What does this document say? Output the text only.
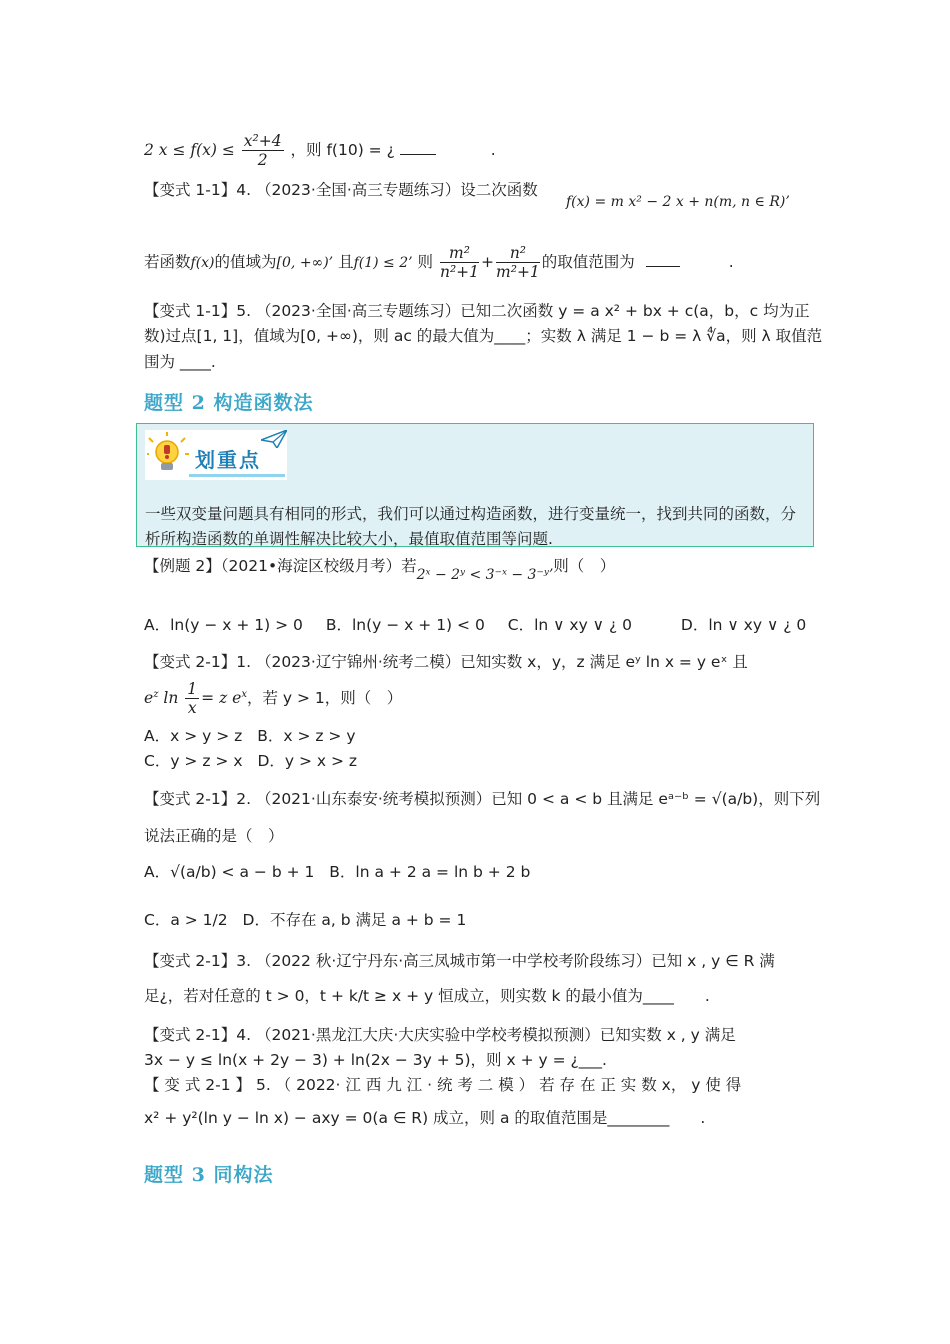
2 $x \le f(x) \le \frac{\text{x²+4}}{2}$ ，则 f(10) = ¿	.
【变式 1-1】4. （2023·全国·高三专题练习）设二次函数
f(x) = m x² − 2 x + n(m, n ∈ R)’
若函数f(x)的值域为[0, +∞)’ 且f(1) ≤ 2’ 则 $\frac{\text{m²}}{\text{n²+1}} + \frac{\text{n²}}{\text{m²+1}}$ 的取值范围为	.
【变式 1-1】5. （2023·全国·高三专题练习）已知二次函数 y = a x² + bx + c(a，b，c 均为正
数)过点[1, 1]，值域为[0, +∞)，则 ac 的最大值为____；实数 λ 满足 1 − b = λ ∜a，则 λ 取值范
围为 ____.
题型 2 构造函数法
划重点
一些双变量问题具有相同的形式，我们可以通过构造函数，进行变量统一，找到共同的函数，分析所构造函数的单调性解决比较大小，最值取值范围等问题.
【例题 2】（2021•海淀区校级月考）若2ˣ − 2ʸ < 3⁻ˣ − 3⁻ʸ’则（　）
A．ln(y − x + 1) > 0 B．ln(y − x + 1) < 0 C．ln ∨ xy ∨ ¿ 0	D．ln ∨ xy ∨ ¿ 0
【变式 2-1】1. （2023·辽宁锦州·统考二模）已知实数 x，y，z 满足 eʸ ln x = y eˣ 且
$e^z$ $\ln \frac{1}{x} = z$ $e^x$，若 y > 1，则（　）
A．x > y > z B．x > z > y
C．y > z > x D．y > x > z
【变式 2-1】2. （2021·山东泰安·统考模拟预测）已知 0 < a < b 且满足 eᵃ⁻ᵇ = √(a/b)，则下列
说法正确的是（　）
A．√(a/b) < a − b + 1 B．ln a + 2 a = ln b + 2 b
C．a > 1/2 D．不存在 a, b 满足 a + b = 1
【变式 2-1】3. （2022 秋·辽宁丹东·高三凤城市第一中学校考阶段练习）已知 x , y ∈ R 满
足¿，若对任意的 t > 0，t + k/t ≥ x + y 恒成立，则实数 k 的最小值为____　　.
【变式 2-1】4. （2021·黑龙江大庆·大庆实验中学校考模拟预测）已知实数 x , y 满足
3x − y ≤ ln(x + 2y − 3) + ln(2x − 3y + 5)，则 x + y = ¿___.
【 变 式 2-1 】 5. （ 2022· 江 西 九 江 · 统 考 二 模 ） 若 存 在 正 实 数 x， y 使 得
x² + y²(ln y − ln x) − axy = 0(a ∈ R) 成立，则 a 的取值范围是________　　.
题型 3 同构法
